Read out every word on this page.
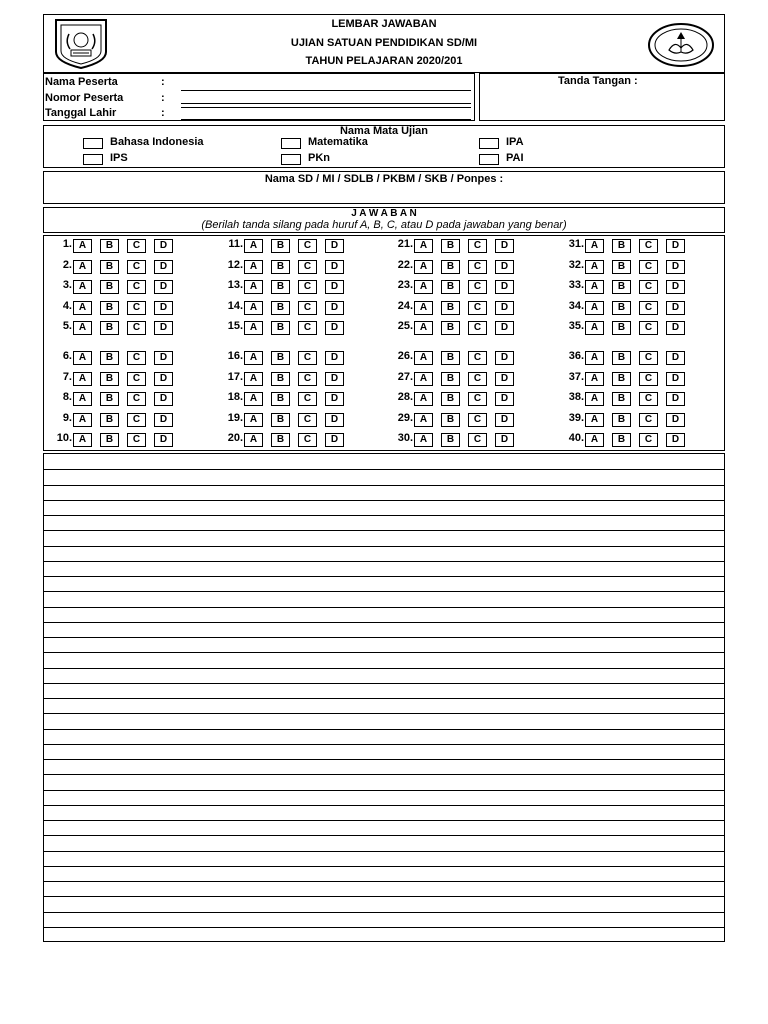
LEMBAR JAWABAN
UJIAN SATUAN PENDIDIKAN SD/MI
TAHUN PELAJARAN 2020/201
Nama Peserta	:
Nomor Peserta	:
Tanggal Lahir	:
Tanda Tangan :
Nama Mata Ujian
Bahasa Indonesia
IPS
Matematika
PKn
IPA
PAI
Nama SD / MI / SDLB / PKBM / SKB / Ponpes :
J A W A B A N
(Berilah tanda silang pada huruf A, B, C, atau D pada jawaban yang benar)
1. A	B	C	D
2. A	B	C	D
3. A	B	C	D
4. A	B	C	D
5. A	B	C	D
6. A	B	C	D
7. A	B	C	D
8. A	B	C	D
9. A	B	C	D
10. A	B	C	D
11. A	B	C	D
12. A	B	C	D
13. A	B	C	D
14. A	B	C	D
15. A	B	C	D
16. A	B	C	D
17. A	B	C	D
18. A	B	C	D
19. A	B	C	D
20. A	B	C	D
21. A	B	C	D
22. A	B	C	D
23. A	B	C	D
24. A	B	C	D
25. A	B	C	D
26. A	B	C	D
27. A	B	C	D
28. A	B	C	D
29. A	B	C	D
30. A	B	C	D
31. A	B	C	D
32. A	B	C	D
33. A	B	C	D
34. A	B	C	D
35. A	B	C	D
36. A	B	C	D
37. A	B	C	D
38. A	B	C	D
39. A	B	C	D
40. A	B	C	D
